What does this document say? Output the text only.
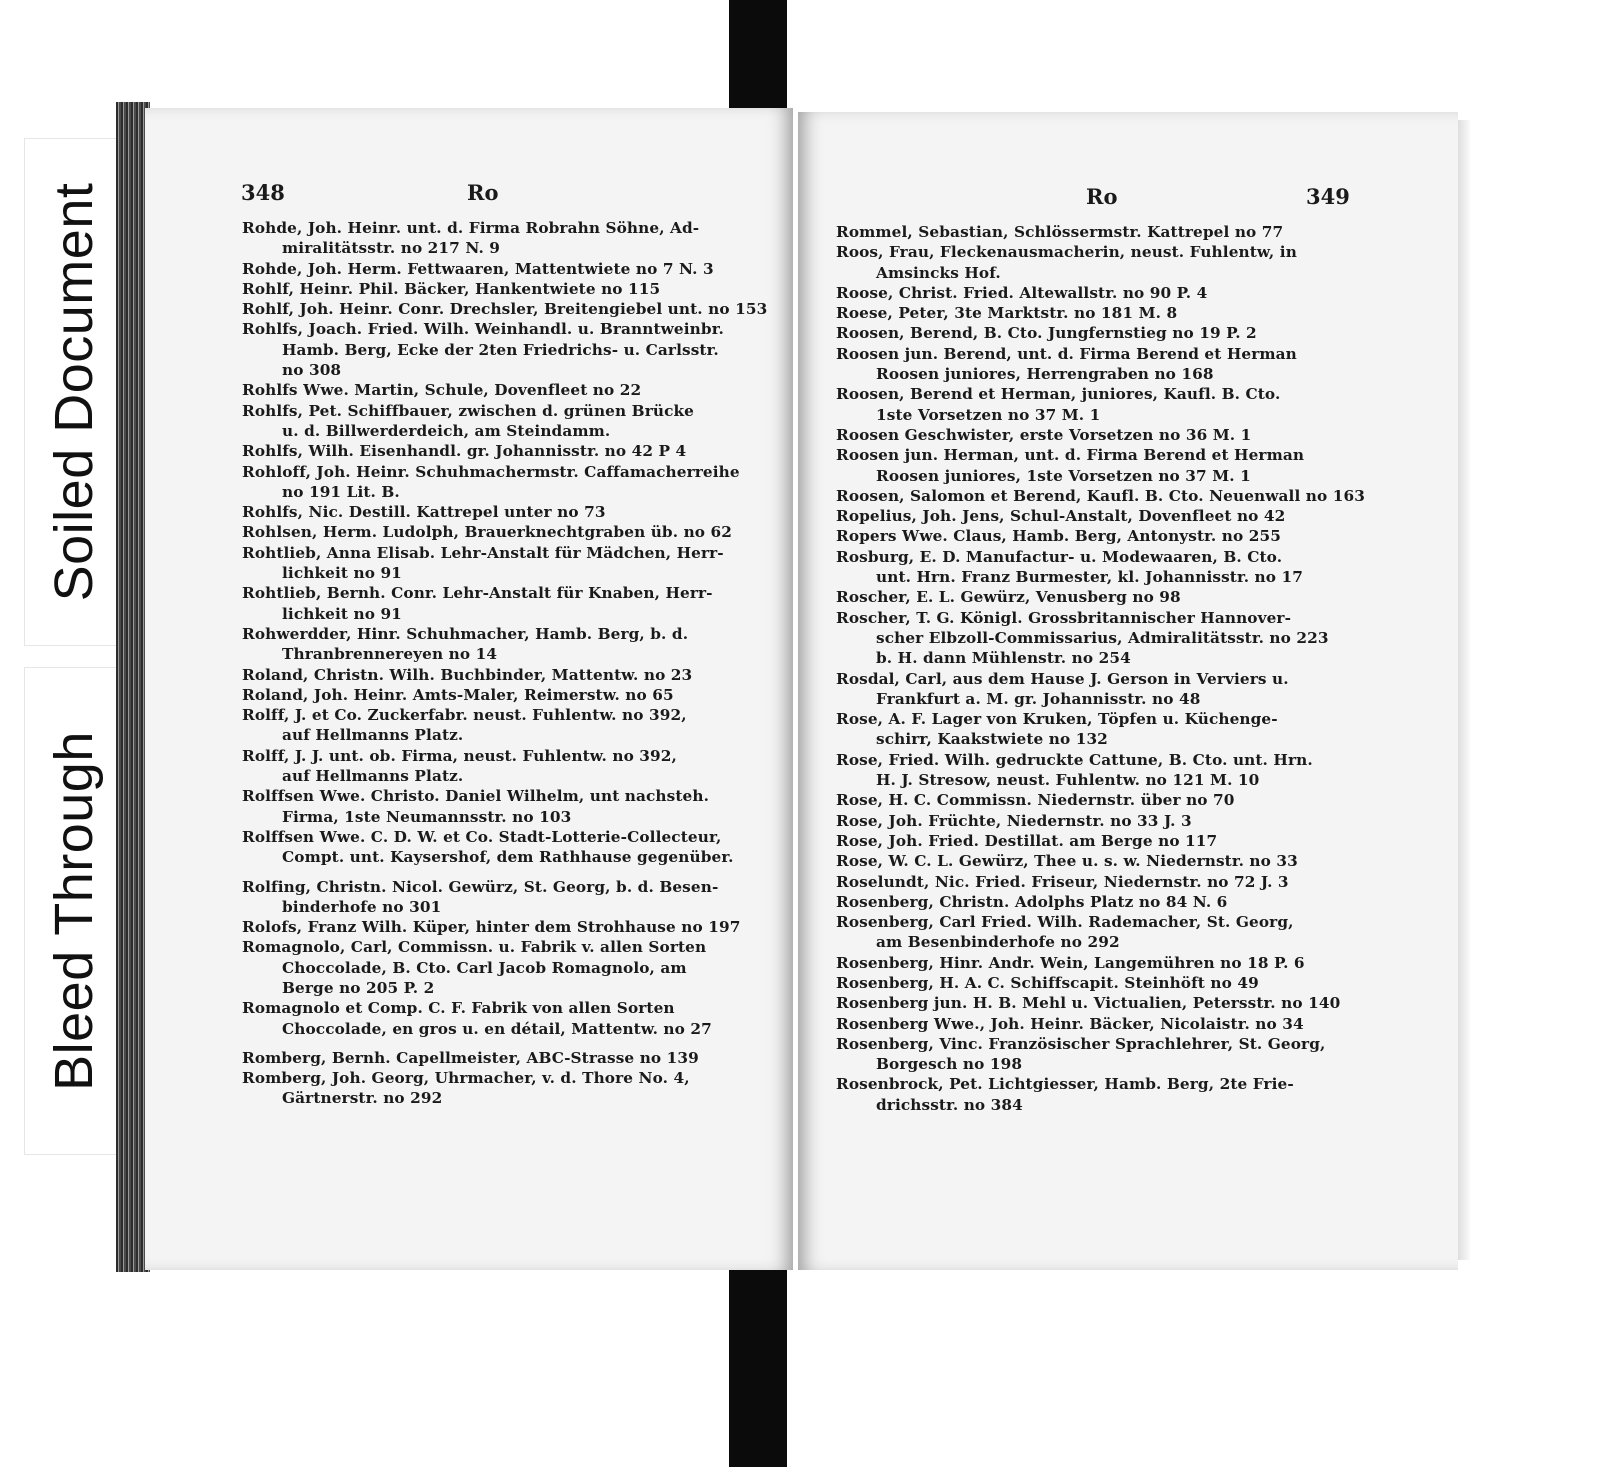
Soiled Document
Bleed Through
348	Ro
Rohde, Joh. Heinr. unt. d. Firma Robrahn Söhne, Ad-
miralitätsstr. no 217 N. 9
Rohde, Joh. Herm. Fettwaaren, Mattentwiete no 7 N. 3
Rohlf, Heinr. Phil. Bäcker, Hankentwiete no 115
Rohlf, Joh. Heinr. Conr. Drechsler, Breitengiebel unt. no 153
Rohlfs, Joach. Fried. Wilh. Weinhandl. u. Branntweinbr.
Hamb. Berg, Ecke der 2ten Friedrichs- u. Carlsstr.
no 308
Rohlfs Wwe. Martin, Schule, Dovenfleet no 22
Rohlfs, Pet. Schiffbauer, zwischen d. grünen Brücke
u. d. Billwerderdeich, am Steindamm.
Rohlfs, Wilh. Eisenhandl. gr. Johannisstr. no 42 P 4
Rohloff, Joh. Heinr. Schuhmachermstr. Caffamacherreihe
no 191 Lit. B.
Rohlfs, Nic. Destill. Kattrepel unter no 73
Rohlsen, Herm. Ludolph, Brauerknechtgraben üb. no 62
Rohtlieb, Anna Elisab. Lehr-Anstalt für Mädchen, Herr-
lichkeit no 91
Rohtlieb, Bernh. Conr. Lehr-Anstalt für Knaben, Herr-
lichkeit no 91
Rohwerdder, Hinr. Schuhmacher, Hamb. Berg, b. d.
Thranbrennereyen no 14
Roland, Christn. Wilh. Buchbinder, Mattentw. no 23
Roland, Joh. Heinr. Amts-Maler, Reimerstw. no 65
Rolff, J. et Co. Zuckerfabr. neust. Fuhlentw. no 392,
auf Hellmanns Platz.
Rolff, J. J. unt. ob. Firma, neust. Fuhlentw. no 392,
auf Hellmanns Platz.
Rolffsen Wwe. Christo. Daniel Wilhelm, unt nachsteh.
Firma, 1ste Neumannsstr. no 103
Rolffsen Wwe. C. D. W. et Co. Stadt-Lotterie-Collecteur,
Compt. unt. Kaysershof, dem Rathhause gegenüber.
Rolfing, Christn. Nicol. Gewürz, St. Georg, b. d. Besen-
binderhofe no 301
Rolofs, Franz Wilh. Küper, hinter dem Strohhause no 197
Romagnolo, Carl, Commissn. u. Fabrik v. allen Sorten
Choccolade, B. Cto. Carl Jacob Romagnolo, am
Berge no 205 P. 2
Romagnolo et Comp. C. F. Fabrik von allen Sorten
Choccolade, en gros u. en détail, Mattentw. no 27
Romberg, Bernh. Capellmeister, ABC-Strasse no 139
Romberg, Joh. Georg, Uhrmacher, v. d. Thore No. 4,
Gärtnerstr. no 292
Ro	349
Rommel, Sebastian, Schlössermstr. Kattrepel no 77
Roos, Frau, Fleckenausmacherin, neust. Fuhlentw, in
Amsincks Hof.
Roose, Christ. Fried. Altewallstr. no 90 P. 4
Roese, Peter, 3te Marktstr. no 181 M. 8
Roosen, Berend, B. Cto. Jungfernstieg no 19 P. 2
Roosen jun. Berend, unt. d. Firma Berend et Herman
Roosen juniores, Herrengraben no 168
Roosen, Berend et Herman, juniores, Kaufl. B. Cto.
1ste Vorsetzen no 37 M. 1
Roosen Geschwister, erste Vorsetzen no 36 M. 1
Roosen jun. Herman, unt. d. Firma Berend et Herman
Roosen juniores, 1ste Vorsetzen no 37 M. 1
Roosen, Salomon et Berend, Kaufl. B. Cto. Neuenwall no 163
Ropelius, Joh. Jens, Schul-Anstalt, Dovenfleet no 42
Ropers Wwe. Claus, Hamb. Berg, Antonystr. no 255
Rosburg, E. D. Manufactur- u. Modewaaren, B. Cto.
unt. Hrn. Franz Burmester, kl. Johannisstr. no 17
Roscher, E. L. Gewürz, Venusberg no 98
Roscher, T. G. Königl. Grossbritannischer Hannover-
scher Elbzoll-Commissarius, Admiralitätsstr. no 223
b. H. dann Mühlenstr. no 254
Rosdal, Carl, aus dem Hause J. Gerson in Verviers u.
Frankfurt a. M. gr. Johannisstr. no 48
Rose, A. F. Lager von Kruken, Töpfen u. Küchenge-
schirr, Kaakstwiete no 132
Rose, Fried. Wilh. gedruckte Cattune, B. Cto. unt. Hrn.
H. J. Stresow, neust. Fuhlentw. no 121 M. 10
Rose, H. C. Commissn. Niedernstr. über no 70
Rose, Joh. Früchte, Niedernstr. no 33 J. 3
Rose, Joh. Fried. Destillat. am Berge no 117
Rose, W. C. L. Gewürz, Thee u. s. w. Niedernstr. no 33
Roselundt, Nic. Fried. Friseur, Niedernstr. no 72 J. 3
Rosenberg, Christn. Adolphs Platz no 84 N. 6
Rosenberg, Carl Fried. Wilh. Rademacher, St. Georg,
am Besenbinderhofe no 292
Rosenberg, Hinr. Andr. Wein, Langemühren no 18 P. 6
Rosenberg, H. A. C. Schiffscapit. Steinhöft no 49
Rosenberg jun. H. B. Mehl u. Victualien, Petersstr. no 140
Rosenberg Wwe., Joh. Heinr. Bäcker, Nicolaistr. no 34
Rosenberg, Vinc. Französischer Sprachlehrer, St. Georg,
Borgesch no 198
Rosenbrock, Pet. Lichtgiesser, Hamb. Berg, 2te Frie-
drichsstr. no 384
